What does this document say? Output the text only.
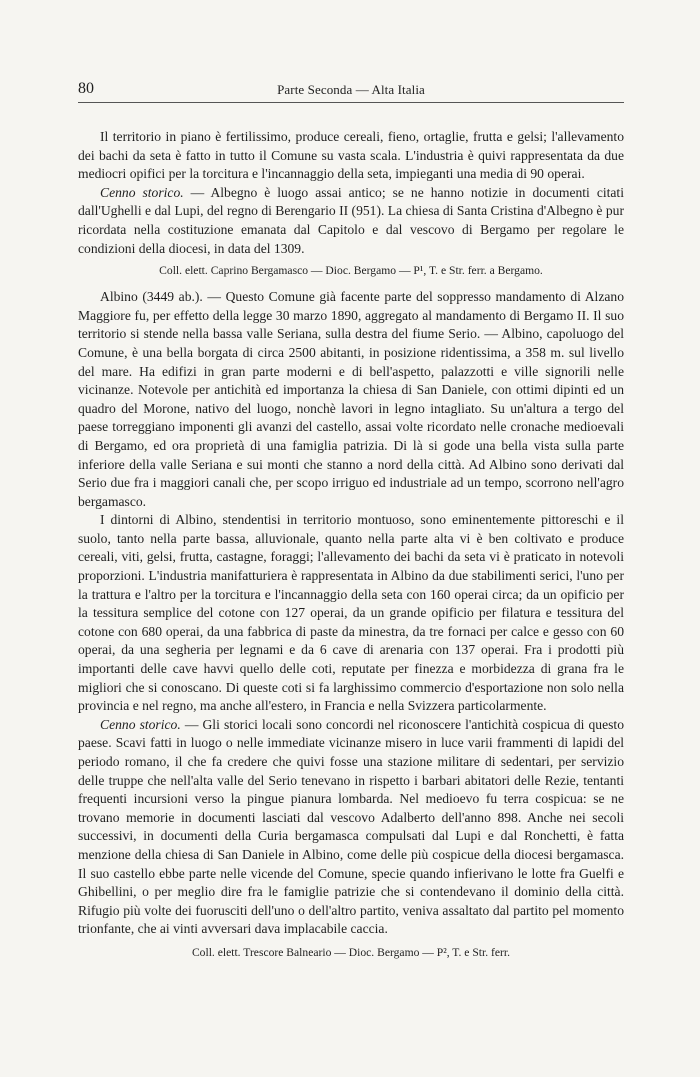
80	Parte Seconda — Alta Italia

Il territorio in piano è fertilissimo, produce cereali, fieno, ortaglie, frutta e gelsi; l'allevamento dei bachi da seta è fatto in tutto il Comune su vasta scala. L'industria è quivi rappresentata da due mediocri opifici per la torcitura e l'incannaggio della seta, impieganti una media di 90 operai.

Cenno storico. — Albegno è luogo assai antico; se ne hanno notizie in documenti citati dall'Ughelli e dal Lupi, del regno di Berengario II (951). La chiesa di Santa Cristina d'Albegno è pur ricordata nella costituzione emanata dal Capitolo e dal vescovo di Bergamo per regolare le condizioni della diocesi, in data del 1309.

Coll. elett. Caprino Bergamasco — Dioc. Bergamo — P¹, T. e Str. ferr. a Bergamo.

Albino (3449 ab.). — Questo Comune già facente parte del soppresso mandamento di Alzano Maggiore fu, per effetto della legge 30 marzo 1890, aggregato al mandamento di Bergamo II. Il suo territorio si stende nella bassa valle Seriana, sulla destra del fiume Serio. — Albino, capoluogo del Comune, è una bella borgata di circa 2500 abitanti, in posizione ridentissima, a 358 m. sul livello del mare. Ha edifizi in gran parte moderni e di bell'aspetto, palazzotti e ville signorili nelle vicinanze. Notevole per antichità ed importanza la chiesa di San Daniele, con ottimi dipinti ed un quadro del Morone, nativo del luogo, nonchè lavori in legno intagliato. Su un'altura a tergo del paese torreggiano imponenti gli avanzi del castello, assai volte ricordato nelle cronache medioevali di Bergamo, ed ora proprietà di una famiglia patrizia. Di là si gode una bella vista sulla parte inferiore della valle Seriana e sui monti che stanno a nord della città. Ad Albino sono derivati dal Serio due fra i maggiori canali che, per scopo irriguo ed industriale ad un tempo, scorrono nell'agro bergamasco.

I dintorni di Albino, stendentisi in territorio montuoso, sono eminentemente pittoreschi e il suolo, tanto nella parte bassa, alluvionale, quanto nella parte alta vi è ben coltivato e produce cereali, viti, gelsi, frutta, castagne, foraggi; l'allevamento dei bachi da seta vi è praticato in notevoli proporzioni. L'industria manifatturiera è rappresentata in Albino da due stabilimenti serici, l'uno per la trattura e l'altro per la torcitura e l'incannaggio della seta con 160 operai circa; da un opificio per la tessitura semplice del cotone con 127 operai, da un grande opificio per filatura e tessitura del cotone con 680 operai, da una fabbrica di paste da minestra, da tre fornaci per calce e gesso con 60 operai, da una segheria per legnami e da 6 cave di arenaria con 137 operai. Fra i prodotti più importanti delle cave havvi quello delle coti, reputate per finezza e morbidezza di grana fra le migliori che si conoscano. Di queste coti si fa larghissimo commercio d'esportazione non solo nella provincia e nel regno, ma anche all'estero, in Francia e nella Svizzera particolarmente.

Cenno storico. — Gli storici locali sono concordi nel riconoscere l'antichità cospicua di questo paese. Scavi fatti in luogo o nelle immediate vicinanze misero in luce varii frammenti di lapidi del periodo romano, il che fa credere che quivi fosse una stazione militare di sedentari, per servizio delle truppe che nell'alta valle del Serio tenevano in rispetto i barbari abitatori delle Rezie, tentanti frequenti incursioni verso la pingue pianura lombarda. Nel medioevo fu terra cospicua: se ne trovano memorie in documenti lasciati dal vescovo Adalberto dell'anno 898. Anche nei secoli successivi, in documenti della Curia bergamasca compulsati dal Lupi e dal Ronchetti, è fatta menzione della chiesa di San Daniele in Albino, come delle più cospicue della diocesi bergamasca. Il suo castello ebbe parte nelle vicende del Comune, specie quando infierivano le lotte fra Guelfi e Ghibellini, o per meglio dire fra le famiglie patrizie che si contendevano il dominio della città. Rifugio più volte dei fuorusciti dell'uno o dell'altro partito, veniva assaltato dal partito pel momento trionfante, che ai vinti avversari dava implacabile caccia.

Coll. elett. Trescore Balneario — Dioc. Bergamo — P², T. e Str. ferr.
